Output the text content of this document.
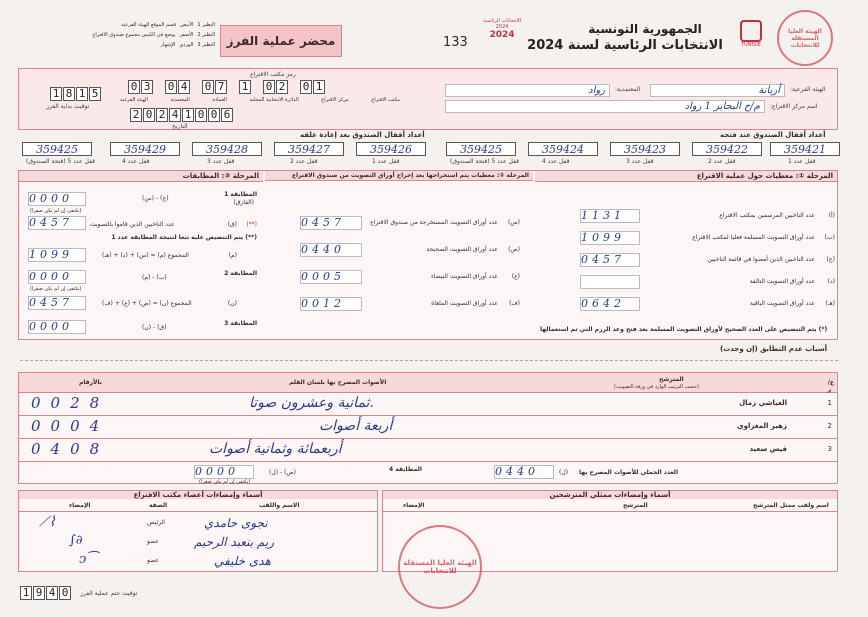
الهيئة العليا المستقلة للانتخابات
TUNISIE
الجمهورية التونسية
الانتخابات الرئاسية لسنة 2024
الانتخابات الرئاسية 2024
2024
133
محضر عملية الفرز
النظير 1
الأبيض
قسم الموقع للهيئة الفرعية
النظير 2
الأصفر
يوضع في الكيس مجموع صندوق الاقتراع
النظير 3
الوردي
الإشهار
رمز مكتب الاقتراع
1 8 1 5
توقيت بداية الفرز
0 3 0 4 0 7 1 0 2 0 1
الهيئة الفرعية	المعتمدية	العمادة	الدائرة الانتخابية المحلية	مركز الاقتراع	مكتب الاقتراع
2 0 2 4 1 0 0 6
التاريخ
الهيئة الفرعية:
أريانة
المعتمدية:
رواد
اسم مركز الاقتراع:
م/ح البحاير 1 رواد
أعداد أقفال الصندوق عند فتحه
أعداد أقفال الصندوق بعد إعادة غلقه
359425	359429	359428	359427	359426	359425	359424	359423	359422	359421
قفل عدد 5 (فتحة الصندوق)	قفل عدد 4	قفل عدد 3	قفل عدد 2	قفل عدد 1	قفل عدد 5 (فتحة الصندوق)	قفل عدد 4	قفل عدد 3	قفل عدد 2	قفل عدد 1
المرحلة ①: معطيات حول عملية الاقتراع
1131	عدد الناخبين المرسمين بمكتب الاقتراع (أ)
1099	عدد أوراق التصويت المسلمة فعليا لمكتب الاقتراع (ب)
0457	عدد الناخبين الذين أمضوا في قائمة الناخبين (ج)
عدد أوراق التصويت التالفة (د)
0642	عدد أوراق التصويت الباقية (هـ)
(*) يتم التنصيص على العدد الصحيح لأوراق التصويت المسلمة بعد فتح وعد الرزم التي تم استعمالها
المرحلة ②: معطيات يتم استخراجها بعد إخراج أوراق التصويت من صندوق الاقتراع
0457	عدد أوراق التصويت المستخرجة من صندوق الاقتراع (س)
0440	عدد أوراق التصويت الصحيحة (ص)
0005	عدد أوراق التصويت البيضاء (ع)
0012	عدد أوراق التصويت الملغاة (ف)
المرحلة ③: المطابقات
0000	(ج) - (س)
المطابقة 1
(الفارق)
(يكتفى إن لم يكن صفرا)
0457	عدد الناخبين الذين قاموا بالتصويت	(ق) (**)
(**) يتم التنصيص عليه تبعا لنتيجة المطابقة عدد 1
1099	المجموع (م) = (س) + (د) + (هـ)	(م)
0000	(ب) - (م)
المطابقة 2
(يكتفى إن لم يكن صفرا)
0457	المجموع (ن) = (ص) + (ع) + (ف)	(ن)
0000	(ق) - (ن)
المطابقة 3
أسباب عدم التطابق (إن وجدت)
بالأرقام	الأصوات المصرح بها بلسان القلم	المترشح
(حسب الترتيب الوارد في ورقة التصويت)
ع/ر
0028	ثمانية وعشرون صوتا.	العياشي زمال	1
0004	أربعة أصوات	زهير المغزاوي	2
0408	أربعمائة وثمانية أصوات	قيس سعيد	3
0000	(ص) - (ل)	المطابقة 4
(يكتفى إن لم يكن صفرا)
0440	العدد الجملي للأصوات المصرح بها
(ل)
أسماء وإمضاءات أعضاء مكتب الاقتراع
الإمضاء	الصفة	الاسم واللقب
⟋⌇	الرئيس	نجوى حامدي
∫∂	عضو	ريم بنعبد الرحيم
ↄ⁀	عضو	هدى خليفي
أسماء وإمضاءات ممثلي المترشحين
الإمضاء	المترشح	اسم ولقب ممثل المترشح
الهيئة العليا المستقلة للانتخابات
1 9 4 0	توقيت ختم عملية الفرز
